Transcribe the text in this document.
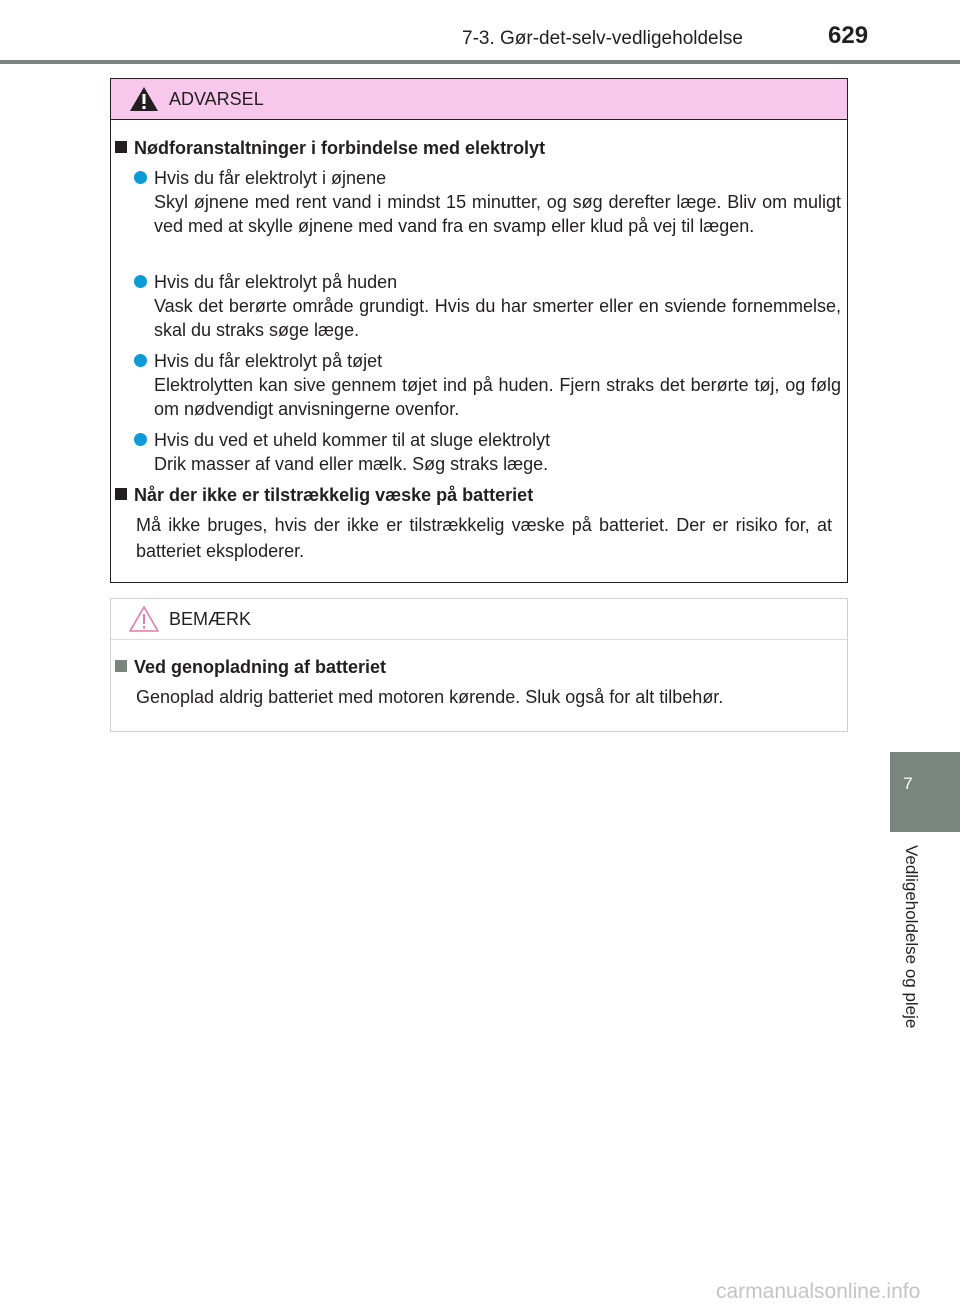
7-3. Gør-det-selv-vedligeholdelse	629
7
Vedligeholdelse og pleje
ADVARSEL
Nødforanstaltninger i forbindelse med elektrolyt
Hvis du får elektrolyt i øjnene
Skyl øjnene med rent vand i mindst 15 minutter, og søg derefter læge. Bliv om muligt ved med at skylle øjnene med vand fra en svamp eller klud på vej til lægen.
Hvis du får elektrolyt på huden
Vask det berørte område grundigt. Hvis du har smerter eller en sviende fornemmelse, skal du straks søge læge.
Hvis du får elektrolyt på tøjet
Elektrolytten kan sive gennem tøjet ind på huden. Fjern straks det berørte tøj, og følg om nødvendigt anvisningerne ovenfor.
Hvis du ved et uheld kommer til at sluge elektrolyt
Drik masser af vand eller mælk. Søg straks læge.
Når der ikke er tilstrækkelig væske på batteriet
Må ikke bruges, hvis der ikke er tilstrækkelig væske på batteriet. Der er risiko for, at batteriet eksploderer.
BEMÆRK
Ved genopladning af batteriet
Genoplad aldrig batteriet med motoren kørende. Sluk også for alt tilbehør.
carmanualsonline.info
